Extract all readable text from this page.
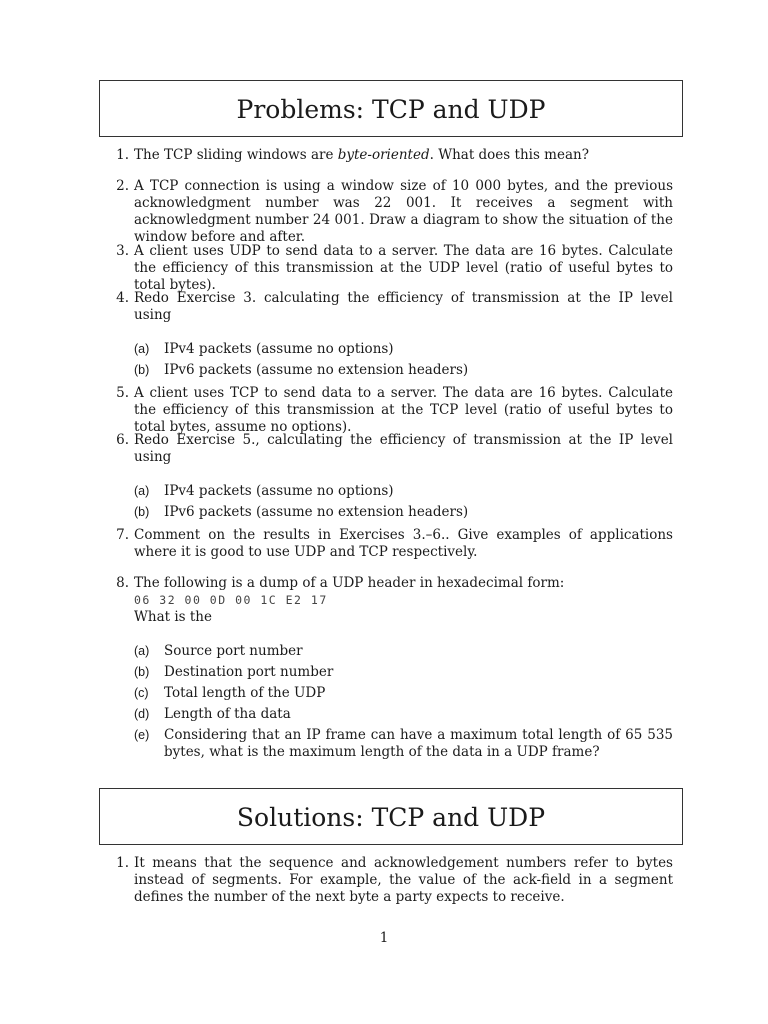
Problems: TCP and UDP
1. The TCP sliding windows are byte-oriented. What does this mean?
2. A TCP connection is using a window size of 10 000 bytes, and the previous acknowledgment number was 22 001. It receives a segment with acknowledgment number 24 001. Draw a diagram to show the situation of the window before and after.
3. A client uses UDP to send data to a server. The data are 16 bytes. Calculate the efficiency of this transmission at the UDP level (ratio of useful bytes to total bytes).
4. Redo Exercise 3. calculating the efficiency of transmission at the IP level using
(a) IPv4 packets (assume no options)
(b) IPv6 packets (assume no extension headers)
5. A client uses TCP to send data to a server. The data are 16 bytes. Calculate the efficiency of this transmission at the TCP level (ratio of useful bytes to total bytes, assume no options).
6. Redo Exercise 5., calculating the efficiency of transmission at the IP level using
(a) IPv4 packets (assume no options)
(b) IPv6 packets (assume no extension headers)
7. Comment on the results in Exercises 3.–6.. Give examples of applications where it is good to use UDP and TCP respectively.
8. The following is a dump of a UDP header in hexadecimal form:
06 32 00 0D 00 1C E2 17
What is the
(a) Source port number
(b) Destination port number
(c) Total length of the UDP
(d) Length of tha data
(e) Considering that an IP frame can have a maximum total length of 65 535 bytes, what is the maximum length of the data in a UDP frame?
Solutions: TCP and UDP
1. It means that the sequence and acknowledgement numbers refer to bytes instead of segments. For example, the value of the ack-field in a segment defines the number of the next byte a party expects to receive.
1
